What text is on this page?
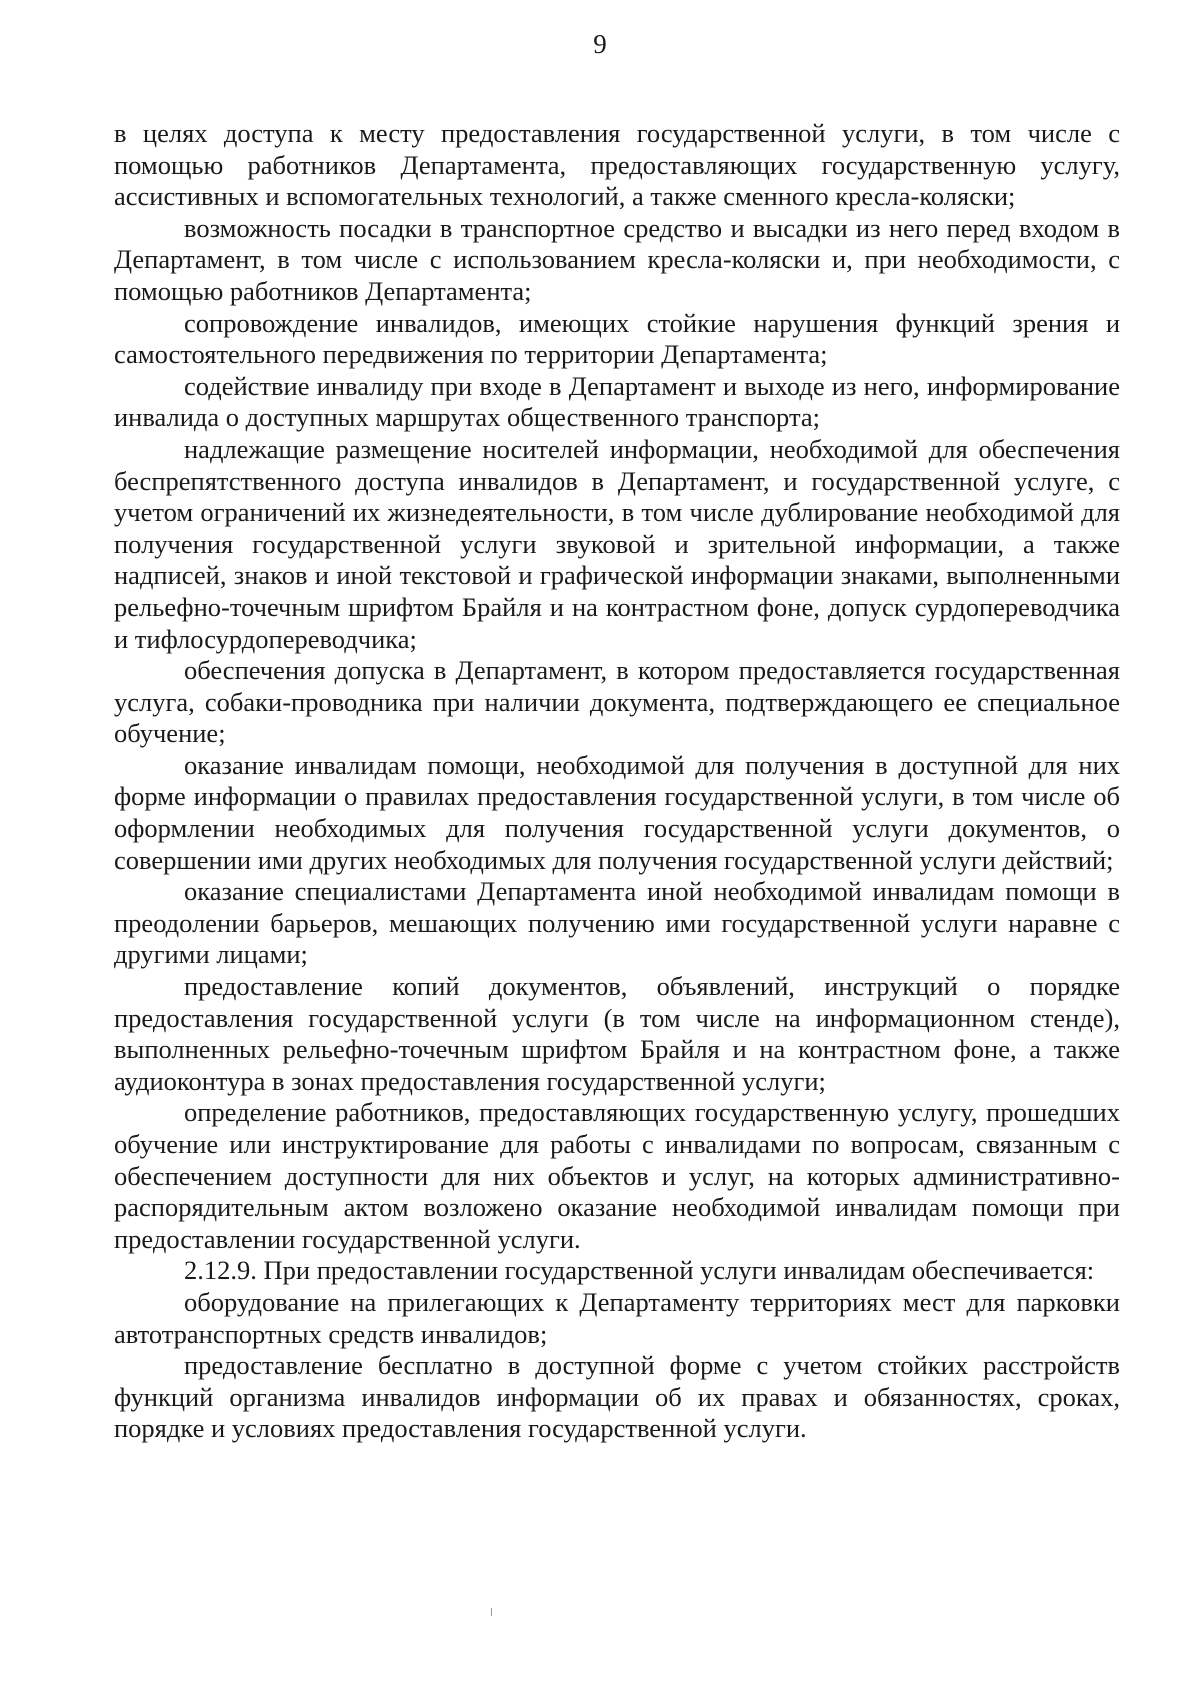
9

в целях доступа к месту предоставления государственной услуги, в том числе с помощью работников Департамента, предоставляющих государственную услугу, ассистивных и вспомогательных технологий, а также сменного кресла-коляски;

возможность посадки в транспортное средство и высадки из него перед входом в Департамент, в том числе с использованием кресла-коляски и, при необходимости, с помощью работников Департамента;

сопровождение инвалидов, имеющих стойкие нарушения функций зрения и самостоятельного передвижения по территории Департамента;

содействие инвалиду при входе в Департамент и выходе из него, информирование инвалида о доступных маршрутах общественного транспорта;

надлежащие размещение носителей информации, необходимой для обеспечения беспрепятственного доступа инвалидов в Департамент, и государственной услуге, с учетом ограничений их жизнедеятельности, в том числе дублирование необходимой для получения государственной услуги звуковой и зрительной информации, а также надписей, знаков и иной текстовой и графической информации знаками, выполненными рельефно-точечным шрифтом Брайля и на контрастном фоне, допуск сурдопереводчика и тифлосурдопереводчика;

обеспечения допуска в Департамент, в котором предоставляется государственная услуга, собаки-проводника при наличии документа, подтверждающего ее специальное обучение;

оказание инвалидам помощи, необходимой для получения в доступной для них форме информации о правилах предоставления государственной услуги, в том числе об оформлении необходимых для получения государственной услуги документов, о совершении ими других необходимых для получения государственной услуги действий;

оказание специалистами Департамента иной необходимой инвалидам помощи в преодолении барьеров, мешающих получению ими государственной услуги наравне с другими лицами;

предоставление копий документов, объявлений, инструкций о порядке предоставления государственной услуги (в том числе на информационном стенде), выполненных рельефно-точечным шрифтом Брайля и на контрастном фоне, а также аудиоконтура в зонах предоставления государственной услуги;

определение работников, предоставляющих государственную услугу, прошедших обучение или инструктирование для работы с инвалидами по вопросам, связанным с обеспечением доступности для них объектов и услуг, на которых административно-распорядительным актом возложено оказание необходимой инвалидам помощи при предоставлении государственной услуги.

2.12.9. При предоставлении государственной услуги инвалидам обеспечивается:

оборудование на прилегающих к Департаменту территориях мест для парковки автотранспортных средств инвалидов;

предоставление бесплатно в доступной форме с учетом стойких расстройств функций организма инвалидов информации об их правах и обязанностях, сроках, порядке и условиях предоставления государственной услуги.
